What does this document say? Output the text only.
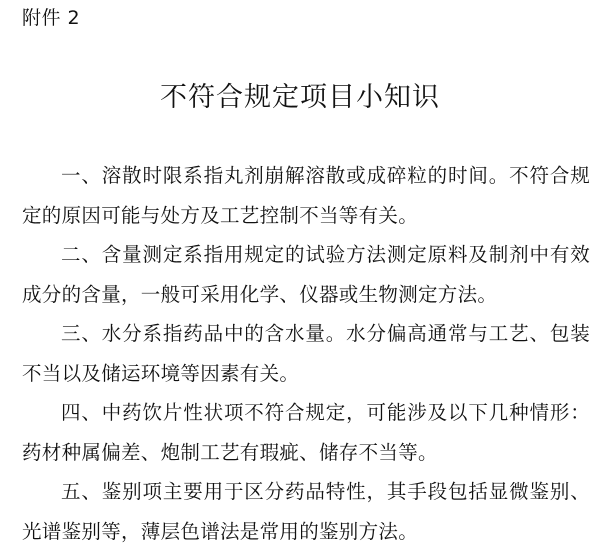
附件 2
不符合规定项目小知识

一、溶散时限系指丸剂崩解溶散或成碎粒的时间。不符合规定的原因可能与处方及工艺控制不当等有关。

二、含量测定系指用规定的试验方法测定原料及制剂中有效成分的含量，一般可采用化学、仪器或生物测定方法。

三、水分系指药品中的含水量。水分偏高通常与工艺、包装不当以及储运环境等因素有关。

四、中药饮片性状项不符合规定，可能涉及以下几种情形：药材种属偏差、炮制工艺有瑕疵、储存不当等。

五、鉴别项主要用于区分药品特性，其手段包括显微鉴别、光谱鉴别等，薄层色谱法是常用的鉴别方法。
